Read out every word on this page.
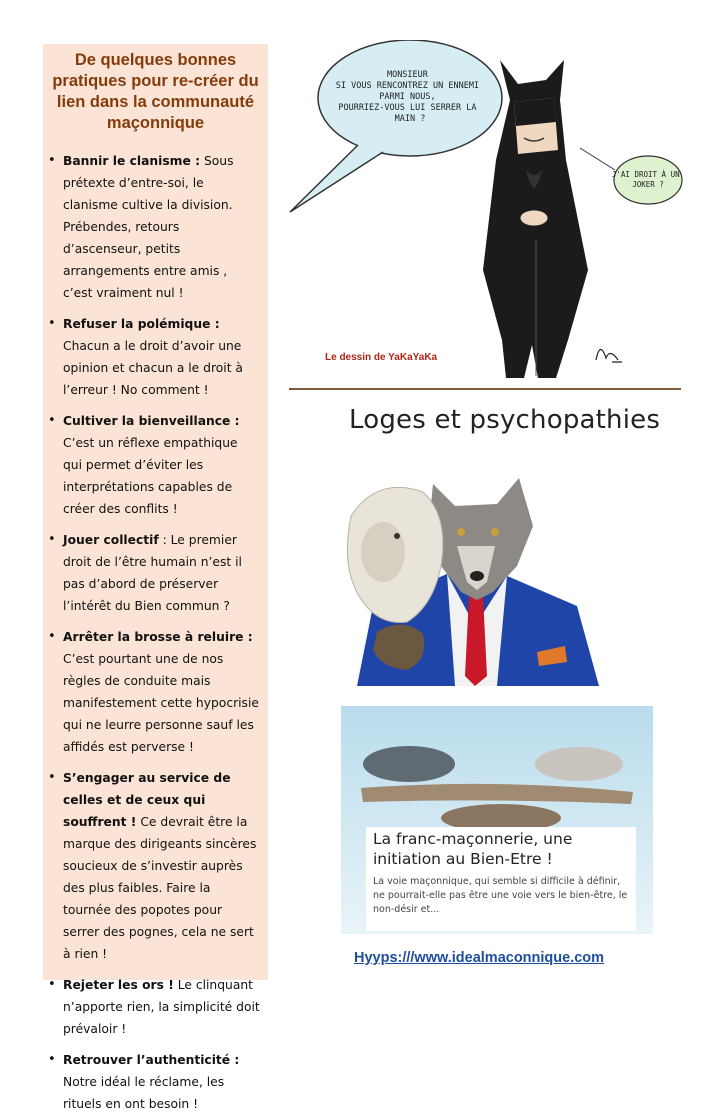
De quelques bonnes pratiques pour re-créer du lien dans la communauté maçonnique
• Bannir le clanisme : Sous prétexte d’entre-soi, le clanisme cultive la division. Prébendes, retours d’ascenseur, petits arrangements entre amis , c’est vraiment nul !
• Refuser la polémique : Chacun a le droit d’avoir une opinion et chacun a le droit à l’erreur ! No comment !
• Cultiver la bienveillance : C’est un réflexe empathique qui permet d’éviter les interprétations capables de créer des conflits !
• Jouer collectif : Le premier droit de l’être humain n’est il pas d’abord de préserver l’intérêt du Bien commun ?
• Arrêter la brosse à reluire : C’est pourtant une de nos règles de conduite mais manifestement cette hypocrisie qui ne leurre personne sauf les affidés est perverse !
• S’engager au service de celles et de ceux qui souffrent ! Ce devrait être la marque des dirigeants sincères soucieux de s’investir auprès des plus faibles. Faire la tournée des popotes pour serrer des pognes, cela ne sert à rien !
• Rejeter les ors ! Le clinquant n’apporte rien, la simplicité doit prévaloir !
• Retrouver l’authenticité : Notre idéal le réclame, les rituels en ont besoin !
MONSIEUR SI VOUS RENCONTREZ UN ENNEMI PARMI NOUS, POURRIEZ-VOUS LUI SERRER LA MAIN ?
J'AI DROIT À UN JOKER ?
Le dessin de YaKaYaKa
Loges et psychopathies

La franc-maçonnerie, une initiation au Bien-Etre !

La voie maçonnique, qui semble si difficile à définir, ne pourrait-elle pas être une voie vers le bien-être, le non-désir et...

Hyyps:///www.idealmaconnique.com
